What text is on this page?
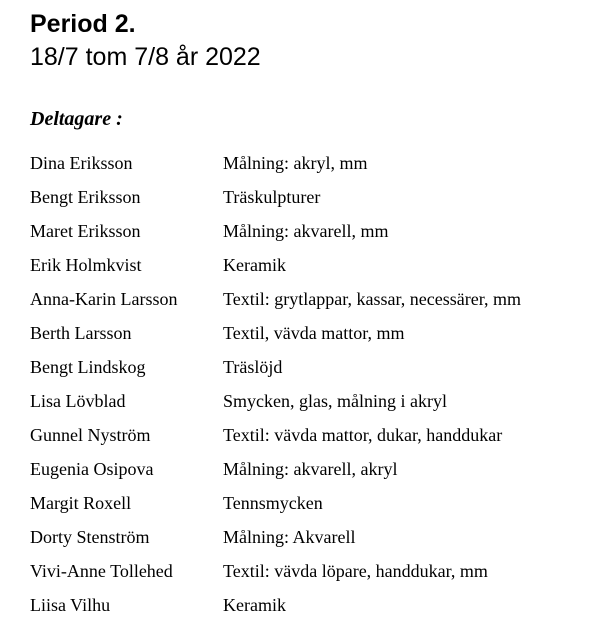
Period 2.
18/7 tom 7/8 år 2022
Deltagare :
Dina Eriksson	Målning: akryl, mm
Bengt Eriksson	Träskulpturer
Maret Eriksson	Målning: akvarell, mm
Erik Holmkvist	Keramik
Anna-Karin Larsson	Textil: grytlappar, kassar, necessärer, mm
Berth Larsson	Textil, vävda mattor, mm
Bengt Lindskog	Träslöjd
Lisa Lövblad	Smycken, glas, målning i akryl
Gunnel Nyström	Textil: vävda mattor, dukar, handdukar
Eugenia Osipova	Målning: akvarell, akryl
Margit Roxell	Tennsmycken
Dorty Stenström	Målning: Akvarell
Vivi-Anne Tollehed	Textil: vävda löpare, handdukar, mm
Liisa Vilhu	Keramik
